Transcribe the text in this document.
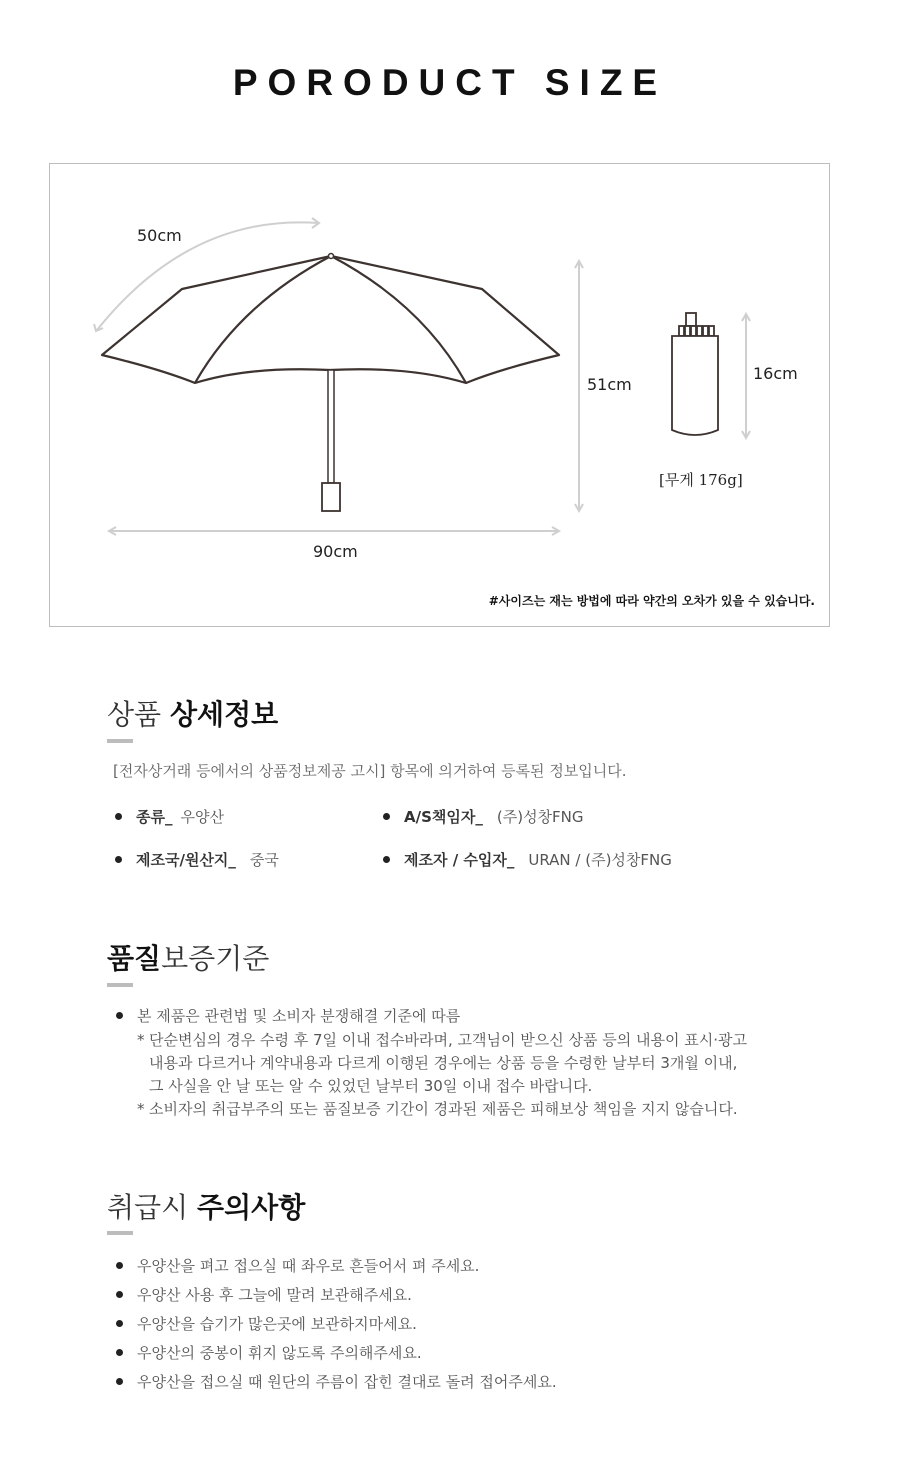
PORODUCT SIZE
50cm
51cm
90cm
16cm
[무게 176g]
#사이즈는 재는 방법에 따라 약간의 오차가 있을 수 있습니다.
상품 상세정보
[전자상거래 등에서의 상품정보제공 고시] 항목에 의거하여 등록된 정보입니다.
종류_ 우양산	A/S책임자_ (주)성창FNG
제조국/원산지_ 중국	제조자 / 수입자_ URAN / (주)성창FNG
품질보증기준
본 제품은 관련법 및 소비자 분쟁해결 기준에 따름
* 단순변심의 경우 수령 후 7일 이내 접수바라며, 고객님이 받으신 상품 등의 내용이 표시·광고
내용과 다르거나 계약내용과 다르게 이행된 경우에는 상품 등을 수령한 날부터 3개월 이내,
그 사실을 안 날 또는 알 수 있었던 날부터 30일 이내 접수 바랍니다.
* 소비자의 취급부주의 또는 품질보증 기간이 경과된 제품은 피해보상 책임을 지지 않습니다.
취급시 주의사항
우양산을 펴고 접으실 때 좌우로 흔들어서 펴 주세요.
우양산 사용 후 그늘에 말려 보관해주세요.
우양산을 습기가 많은곳에 보관하지마세요.
우양산의 중봉이 휘지 않도록 주의해주세요.
우양산을 접으실 때 원단의 주름이 잡힌 결대로 돌려 접어주세요.
